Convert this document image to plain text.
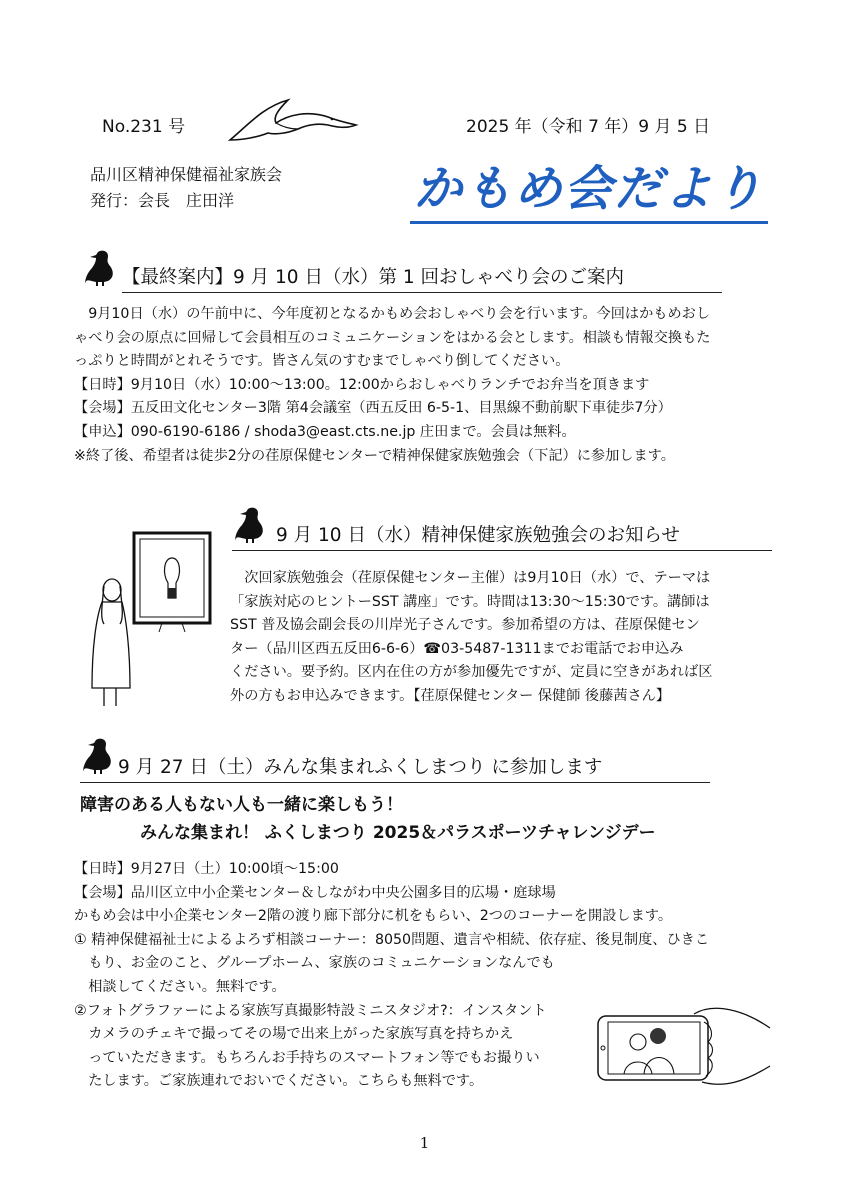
No.231 号	2025 年（令和 7 年）9 月 5 日
品川区精神保健福祉家族会
発行：会長　庄田洋	かもめ会だより
【最終案内】9 月 10 日（水）第 1 回おしゃべり会のご案内

　9月10日（水）の午前中に、今年度初となるかもめ会おしゃべり会を行います。今回はかもめおし

ゃべり会の原点に回帰して会員相互のコミュニケーションをはかる会とします。相談も情報交換もた

っぷりと時間がとれそうです。皆さん気のすむまでしゃべり倒してください。

【日時】9月10日（水）10:00～13:00。12:00からおしゃべりランチでお弁当を頂きます

【会場】五反田文化センター3階 第4会議室（西五反田 6-5-1、目黒線不動前駅下車徒歩7分）

【申込】090-6190-6186 / shoda3@east.cts.ne.jp 庄田まで。会員は無料。

※終了後、希望者は徒歩2分の荏原保健センターで精神保健家族勉強会（下記）に参加します。

9 月 10 日（水）精神保健家族勉強会のお知らせ

　次回家族勉強会（荏原保健センター主催）は9月10日（水）で、テーマは

「家族対応のヒントーSST 講座」です。時間は13:30～15:30です。講師は

SST 普及協会副会長の川岸光子さんです。参加希望の方は、荏原保健セン

ター（品川区西五反田6-6-6）☎03-5487-1311までお電話でお申込み

ください。要予約。区内在住の方が参加優先ですが、定員に空きがあれば区

外の方もお申込みできます。【荏原保健センター 保健師 後藤茜さん】

9 月 27 日（土）みんな集まれふくしまつり に参加します
障害のある人もない人も一緒に楽しもう！
みんな集まれ！ ふくしまつり 2025＆パラスポーツチャレンジデー

【日時】9月27日（土）10:00頃～15:00

【会場】品川区立中小企業センター＆しながわ中央公園多目的広場・庭球場

かもめ会は中小企業センター2階の渡り廊下部分に机をもらい、2つのコーナーを開設します。

① 精神保健福祉士によるよろず相談コーナー：8050問題、遺言や相続、依存症、後見制度、ひきこ

　もり、お金のこと、グループホーム、家族のコミュニケーションなんでも

　相談してください。無料です。

②フォトグラファーによる家族写真撮影特設ミニスタジオ?：インスタント

　カメラのチェキで撮ってその場で出来上がった家族写真を持ちかえ

　っていただきます。もちろんお手持ちのスマートフォン等でもお撮りい

　たします。ご家族連れでおいでください。こちらも無料です。

1
